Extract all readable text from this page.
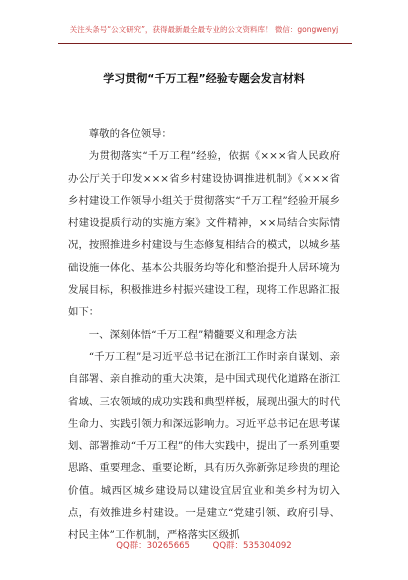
关注头条号“公文研究”，获得最新最全最专业的公文资料库！ 微信：gongwenyj
学习贯彻“千万工程”经验专题会发言材料

尊敬的各位领导：

为贯彻落实“千万工程”经验，依据《×××省人民政府办公厅关于印发×××省乡村建设协调推进机制》《×××省乡村建设工作领导小组关于贯彻落实“千万工程”经验开展乡村建设提质行动的实施方案》文件精神，××局结合实际情况，按照推进乡村建设与生态修复相结合的模式，以城乡基础设施一体化、基本公共服务均等化和整治提升人居环境为发展目标，积极推进乡村振兴建设工程，现将工作思路汇报如下：

一、深刻体悟“千万工程”精髓要义和理念方法

“千万工程”是习近平总书记在浙江工作时亲自谋划、亲自部署、亲自推动的重大决策，是中国式现代化道路在浙江省域、三农领域的成功实践和典型样板，展现出强大的时代生命力、实践引领力和深远影响力。习近平总书记在思考谋划、部署推动“千万工程”的伟大实践中，提出了一系列重要思路、重要理念、重要论断，具有历久弥新弥足珍贵的理论价值。城西区城乡建设局以建设宜居宜业和美乡村为切入点，有效推进乡村建设。一是建立“党建引领、政府引导、村民主体”工作机制，严格落实区级抓

QQ群：30265665	QQ群：535304092
